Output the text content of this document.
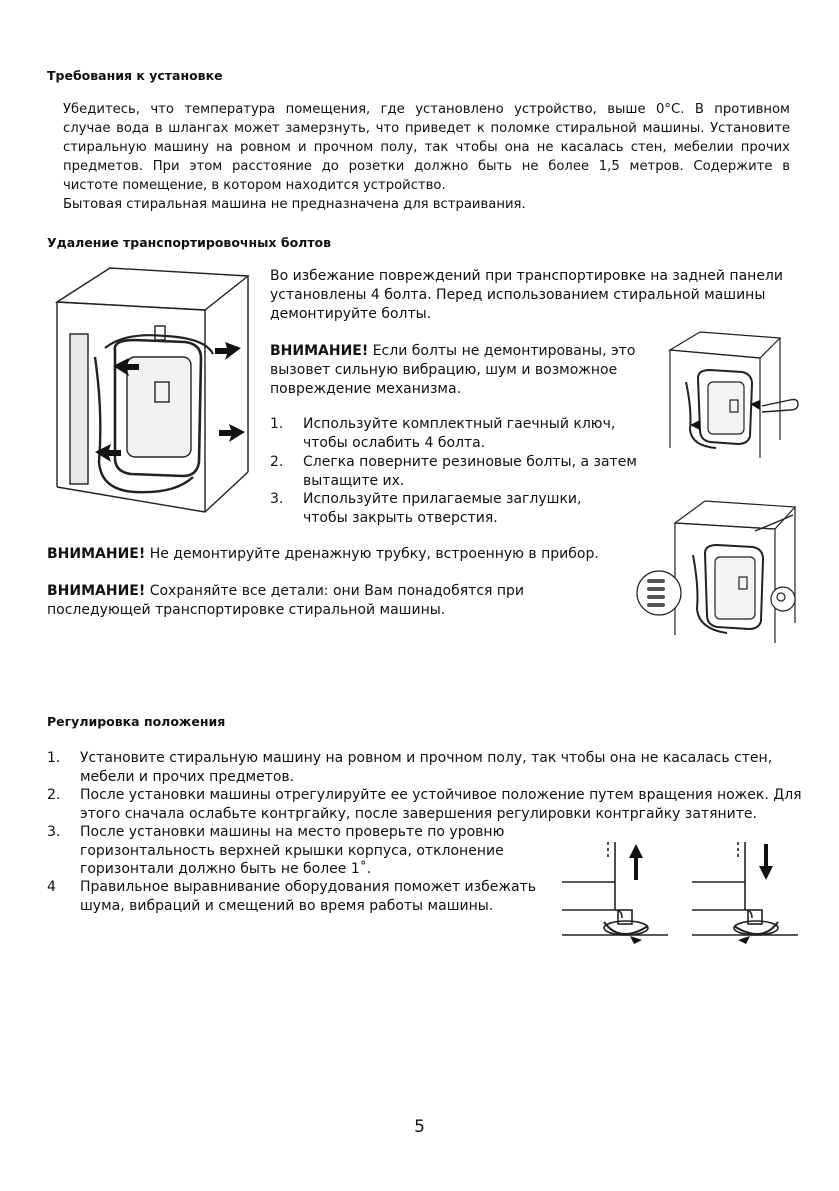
Требования к установке
Убедитесь, что температура помещения, где установлено устройство, выше 0°С. В противном
случае вода в шлангах может замерзнуть, что приведет к поломке стиральной машины. Установите
стиральную машину на ровном и прочном полу, так чтобы она не касалась стен, мебелии прочих
предметов. При этом расстояние до розетки должно быть не более 1,5 метров. Содержите в
чистоте помещение, в котором находится устройство.
Бытовая стиральная машина не предназначена для встраивания.
Удаление транспортировочных болтов
Во избежание повреждений при транспортировке на задней панели
установлены 4 болта. Перед использованием стиральной машины
демонтируйте болты.
ВНИМАНИЕ! Если болты не демонтированы, это
вызовет сильную вибрацию, шум и возможное
повреждение механизма.
1. Используйте комплектный гаечный ключ,
чтобы ослабить 4 болта.
2. Слегка поверните резиновые болты, а затем
вытащите их.
3. Используйте прилагаемые заглушки,
чтобы закрыть отверстия.
ВНИМАНИЕ! Не демонтируйте дренажную трубку, встроенную в прибор.
ВНИМАНИЕ! Сохраняйте все детали: они Вам понадобятся при
последующей транспортировке стиральной машины.
Регулировка положения
1. Установите стиральную машину на ровном и прочном полу, так чтобы она не касалась стен,
мебели и прочих предметов.
2. После установки машины отрегулируйте ее устойчивое положение путем вращения ножек. Для
этого сначала ослабьте контргайку, после завершения регулировки контргайку затяните.
3. После установки машины на место проверьте по уровню
горизонтальность верхней крышки корпуса, отклонение
горизонтали должно быть не более 1˚.
4 Правильное выравнивание оборудования поможет избежать
шума, вибраций и смещений во время работы машины.
5
